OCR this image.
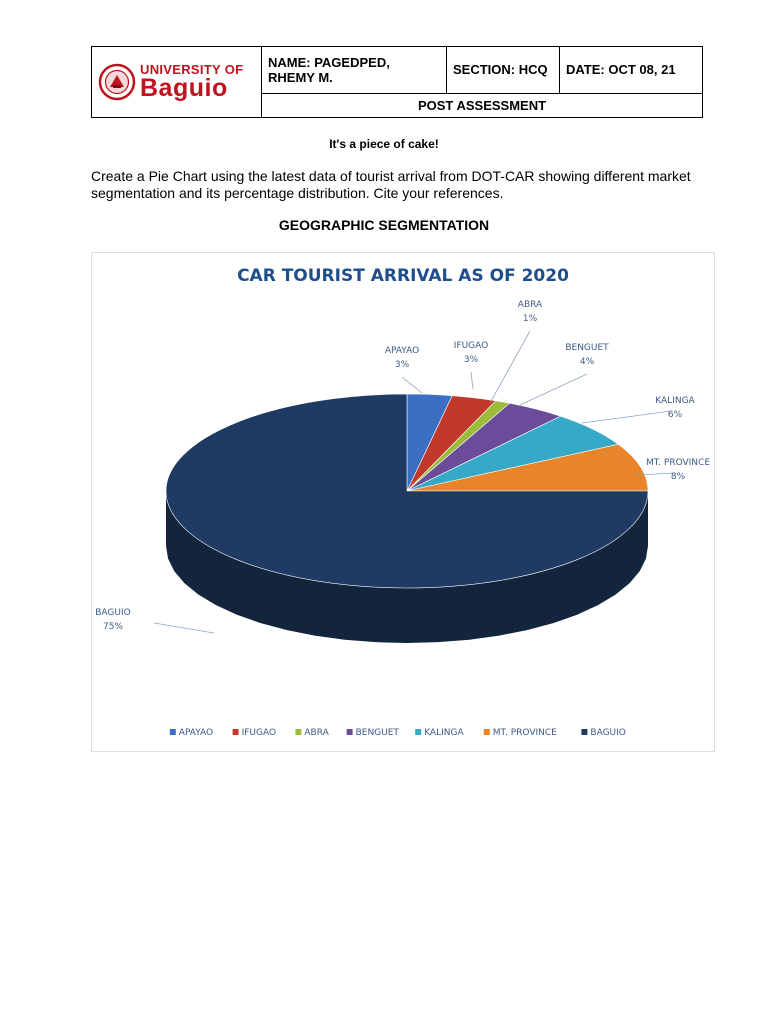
UNIVERSITY OF
Baguio
	NAME: PAGEDPED, RHEMY M.	SECTION: HCQ	DATE: OCT 08, 21
POST ASSESSMENT
It's a piece of cake!
Create a Pie Chart using the latest data of tourist arrival from DOT-CAR showing different market segmentation and its percentage distribution. Cite your references.
GEOGRAPHIC SEGMENTATION
CAR TOURIST ARRIVAL AS OF 2020
APAYAO
3%
IFUGAO
3%
ABRA
1%
BENGUET
4%
KALINGA
6%
MT. PROVINCE
8%
BAGUIO
75%
APAYAO	IFUGAO	ABRA	BENGUET	KALINGA	MT. PROVINCE	BAGUIO
